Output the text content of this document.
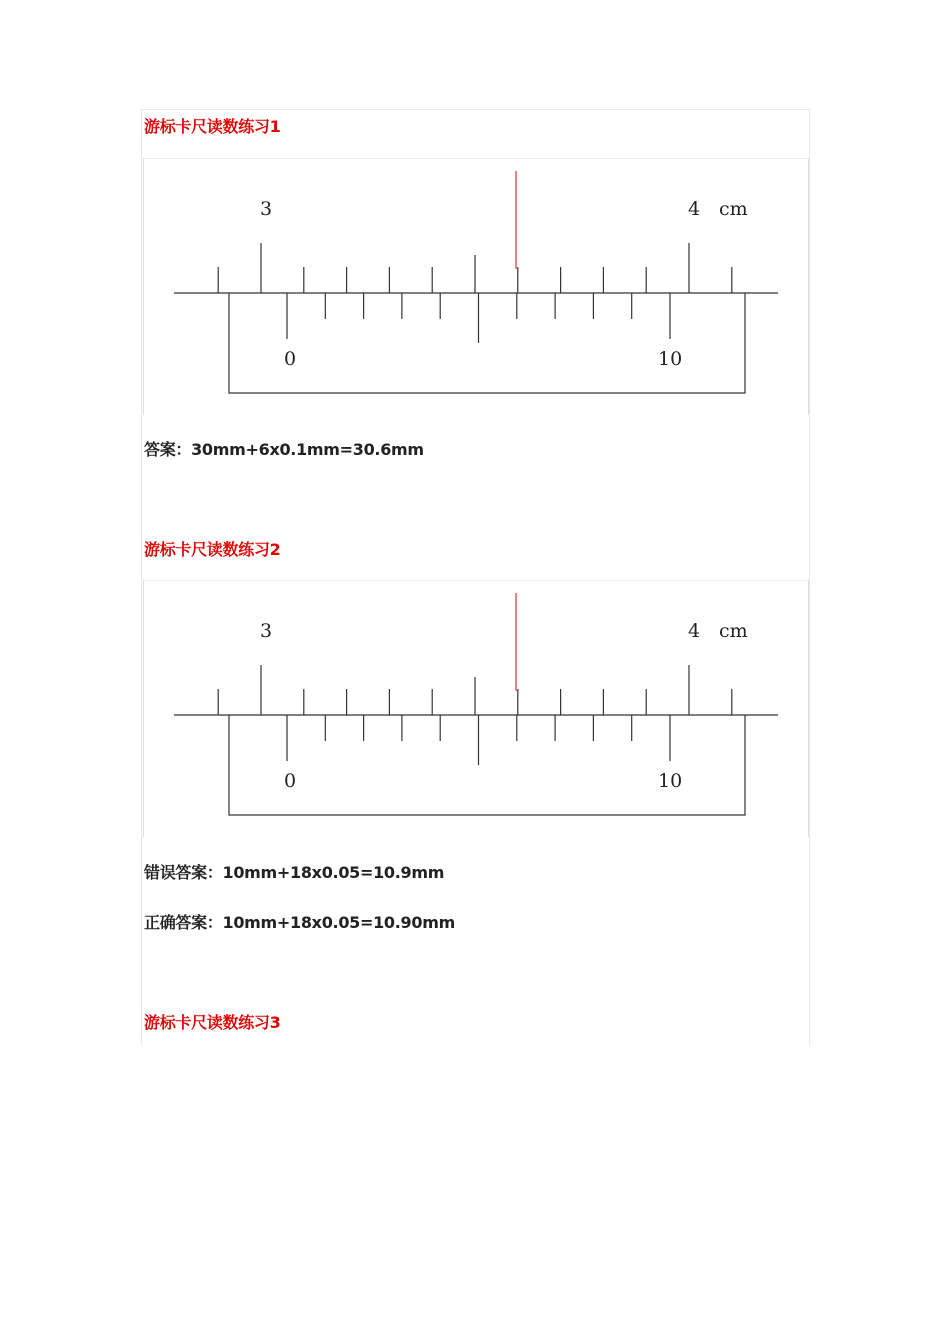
游标卡尺读数练习1
3	4 cm
0	10
答案：30mm+6x0.1mm=30.6mm
游标卡尺读数练习2
3	4 cm
0	10
错误答案：10mm+18x0.05=10.9mm
正确答案：10mm+18x0.05=10.90mm
游标卡尺读数练习3
